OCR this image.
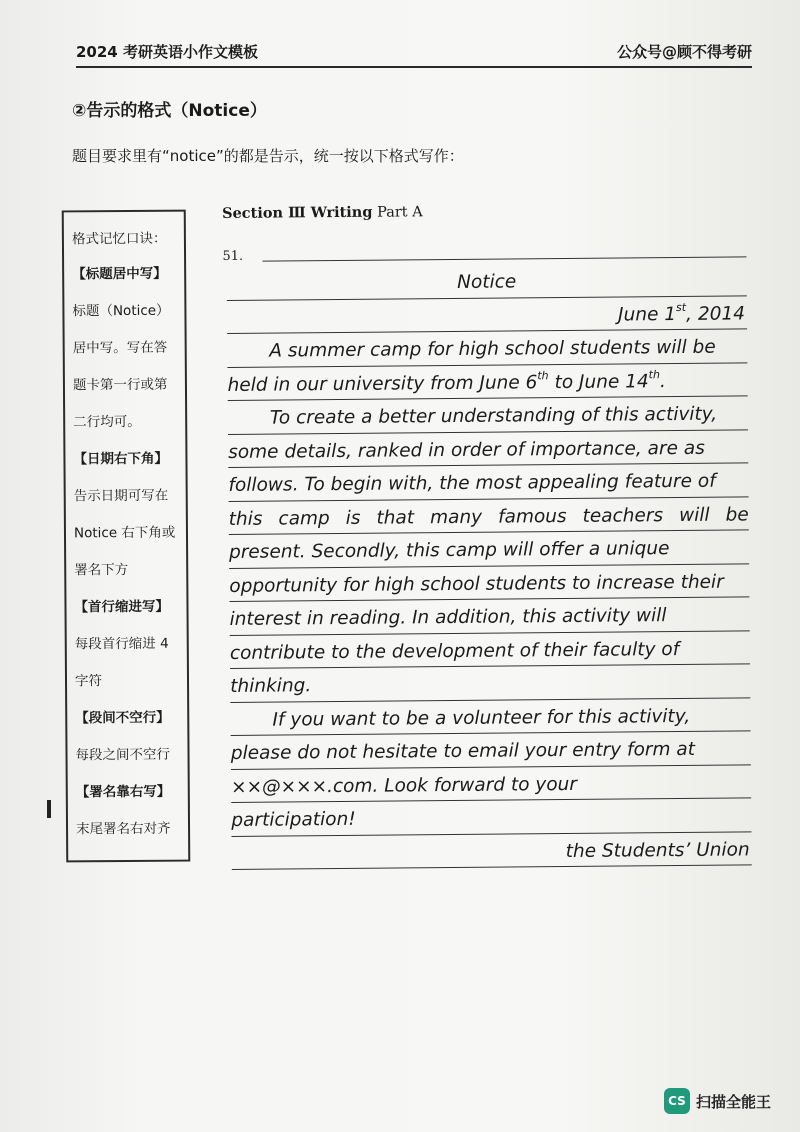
2024 考研英语小作文模板	公众号@顾不得考研
②告示的格式（Notice）
题目要求里有“notice”的都是告示，统一按以下格式写作：
格式记忆口诀：
【标题居中写】
标题（Notice）
居中写。写在答
题卡第一行或第
二行均可。
【日期右下角】
告示日期可写在
Notice 右下角或
署名下方
【首行缩进写】
每段首行缩进 4
字符
【段间不空行】
每段之间不空行
【署名靠右写】
末尾署名右对齐
Section Ⅲ Writing Part A
51.
Notice
June 1st, 2014
A summer camp for high school students will be
held in our university from June 6th to June 14th.
To create a better understanding of this activity,
some details, ranked in order of importance, are as
follows. To begin with, the most appealing feature of
this camp is that many famous teachers will be
present. Secondly, this camp will offer a unique
opportunity for high school students to increase their
interest in reading. In addition, this activity will
contribute to the development of their faculty of
thinking.
If you want to be a volunteer for this activity,
please do not hesitate to email your entry form at
××@×××.com. Look forward to your
participation!
the Students’ Union
CS 扫描全能王
